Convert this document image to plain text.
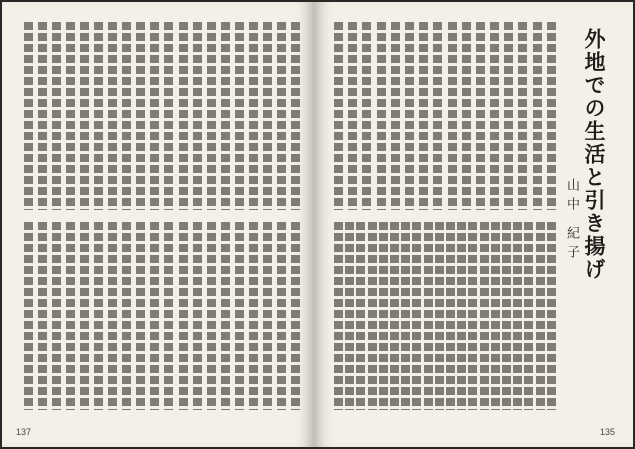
137
外地での生活と引き揚げ
山中 紀子
135
